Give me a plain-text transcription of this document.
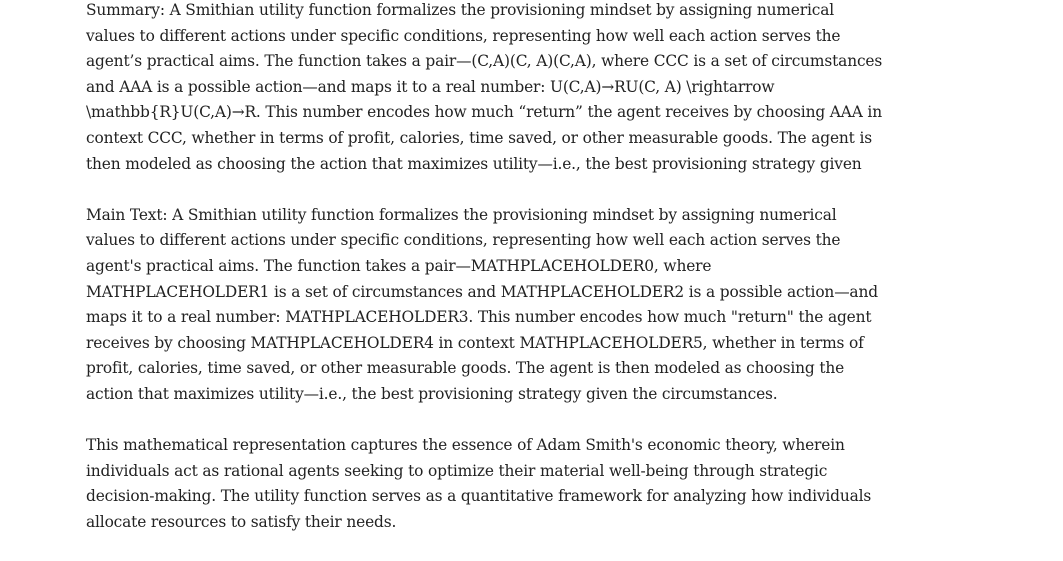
Summary: A Smithian utility function formalizes the provisioning mindset by assigning numerical values to different actions under specific conditions, representing how well each action serves the agent’s practical aims. The function takes a pair—(C,A)(C, A)(C,A), where CCC is a set of circumstances and AAA is a possible action—and maps it to a real number: U(C,A)→RU(C, A) \rightarrow \mathbb{R}U(C,A)→R. This number encodes how much “return” the agent receives by choosing AAA in context CCC, whether in terms of profit, calories, time saved, or other measurable goods. The agent is then modeled as choosing the action that maximizes utility—i.e., the best provisioning strategy given

Main Text: A Smithian utility function formalizes the provisioning mindset by assigning numerical values to different actions under specific conditions, representing how well each action serves the agent's practical aims. The function takes a pair—MATHPLACEHOLDER0, where MATHPLACEHOLDER1 is a set of circumstances and MATHPLACEHOLDER2 is a possible action—and maps it to a real number: MATHPLACEHOLDER3. This number encodes how much "return" the agent receives by choosing MATHPLACEHOLDER4 in context MATHPLACEHOLDER5, whether in terms of profit, calories, time saved, or other measurable goods. The agent is then modeled as choosing the action that maximizes utility—i.e., the best provisioning strategy given the circumstances.

This mathematical representation captures the essence of Adam Smith's economic theory, wherein individuals act as rational agents seeking to optimize their material well-being through strategic decision-making. The utility function serves as a quantitative framework for analyzing how individuals allocate resources to satisfy their needs.
